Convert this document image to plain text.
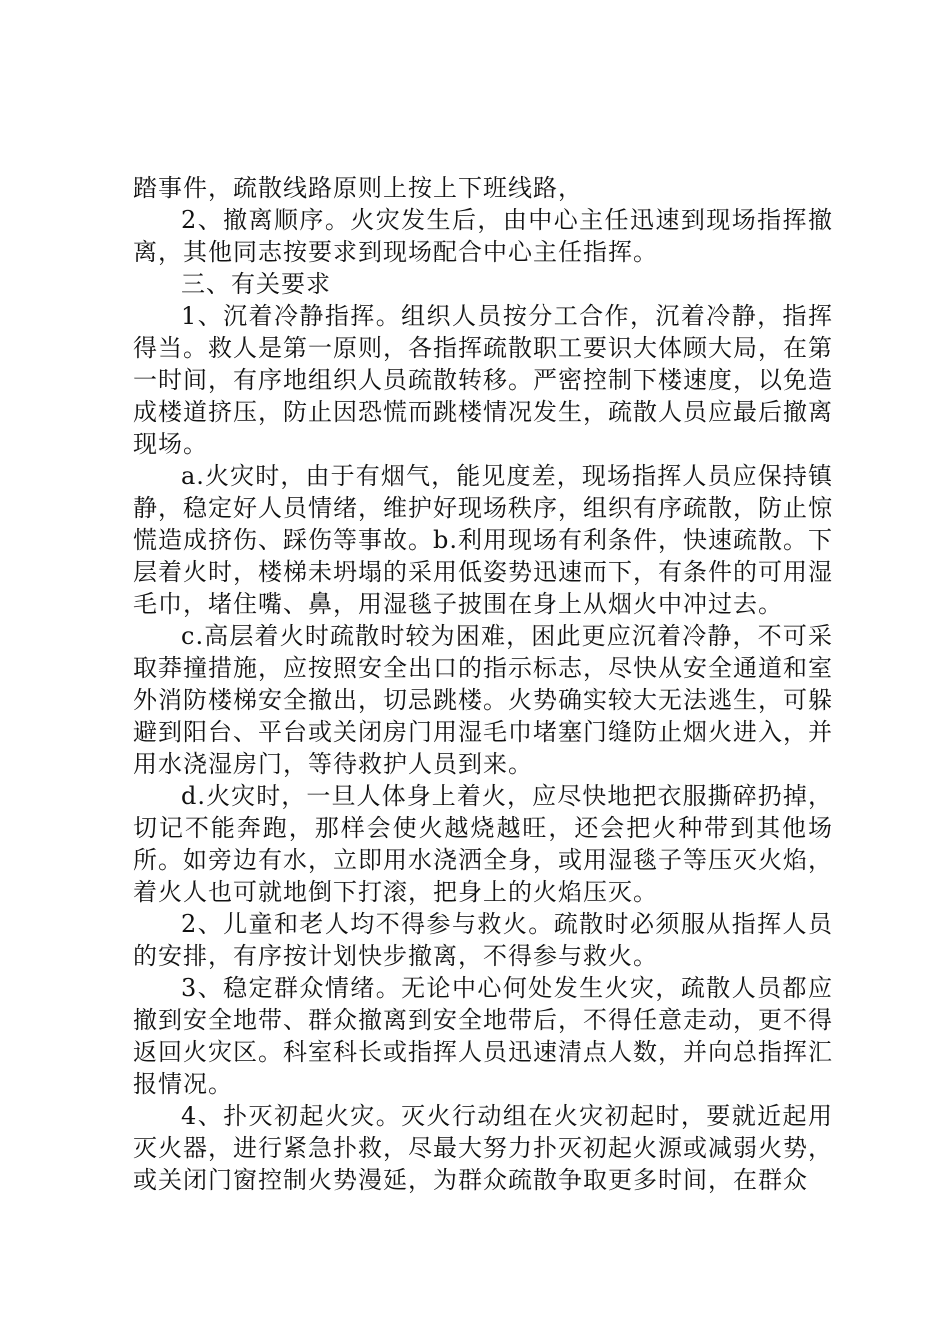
踏事件，疏散线路原则上按上下班线路，

2、撤离顺序。火灾发生后，由中心主任迅速到现场指挥撤离，其他同志按要求到现场配合中心主任指挥。

三、有关要求

1、沉着冷静指挥。组织人员按分工合作，沉着冷静，指挥得当。救人是第一原则，各指挥疏散职工要识大体顾大局，在第一时间，有序地组织人员疏散转移。严密控制下楼速度，以免造成楼道挤压，防止因恐慌而跳楼情况发生，疏散人员应最后撤离现场。

a.火灾时，由于有烟气，能见度差，现场指挥人员应保持镇静，稳定好人员情绪，维护好现场秩序，组织有序疏散，防止惊慌造成挤伤、踩伤等事故。b.利用现场有利条件，快速疏散。下层着火时，楼梯未坍塌的采用低姿势迅速而下，有条件的可用湿毛巾，堵住嘴、鼻，用湿毯子披围在身上从烟火中冲过去。

c.高层着火时疏散时较为困难，困此更应沉着冷静，不可采取莽撞措施，应按照安全出口的指示标志，尽快从安全通道和室外消防楼梯安全撤出，切忌跳楼。火势确实较大无法逃生，可躲避到阳台、平台或关闭房门用湿毛巾堵塞门缝防止烟火进入，并用水浇湿房门，等待救护人员到来。

d.火灾时，一旦人体身上着火，应尽快地把衣服撕碎扔掉，切记不能奔跑，那样会使火越烧越旺，还会把火种带到其他场所。如旁边有水，立即用水浇洒全身，或用湿毯子等压灭火焰，着火人也可就地倒下打滚，把身上的火焰压灭。

2、儿童和老人均不得参与救火。疏散时必须服从指挥人员的安排，有序按计划快步撤离，不得参与救火。

3、稳定群众情绪。无论中心何处发生火灾，疏散人员都应撤到安全地带、群众撤离到安全地带后，不得任意走动，更不得返回火灾区。科室科长或指挥人员迅速清点人数，并向总指挥汇报情况。

4、扑灭初起火灾。灭火行动组在火灾初起时，要就近起用灭火器，进行紧急扑救，尽最大努力扑灭初起火源或减弱火势，或关闭门窗控制火势漫延，为群众疏散争取更多时间，在群众
